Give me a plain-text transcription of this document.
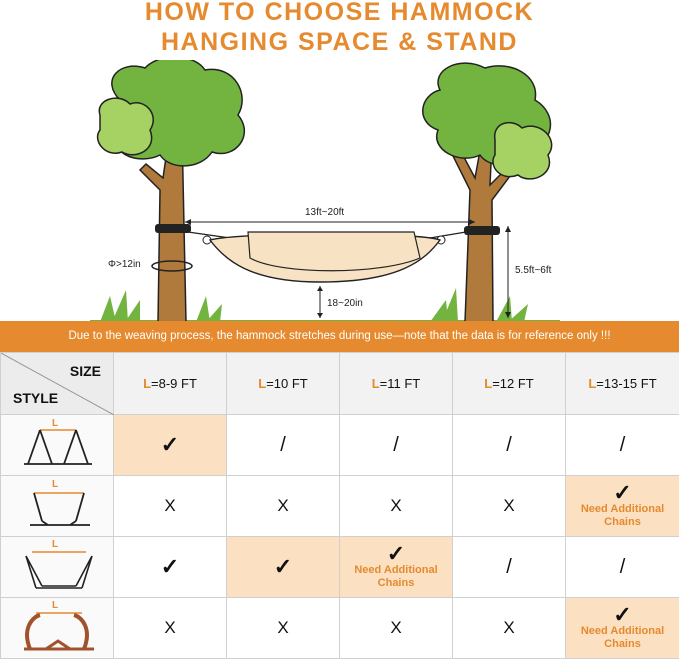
HOW TO CHOOSE HAMMOCK
HANGING SPACE & STAND
13ft~20ft
Φ>12in
5.5ft~6ft
18~20in
Due to the weaving process, the hammock stretches during use—note that the data is for reference only !!!
SIZE
STYLE	L=8-9 FT	L=10 FT	L=11 FT	L=12 FT	L=13-15 FT

L	✓	/	/	/	/

L	X	X	X	X	✓
Need Additional
Chains

L	✓	✓	✓
Need Additional
Chains	/	/

L	X	X	X	X	✓
Need Additional
Chains
